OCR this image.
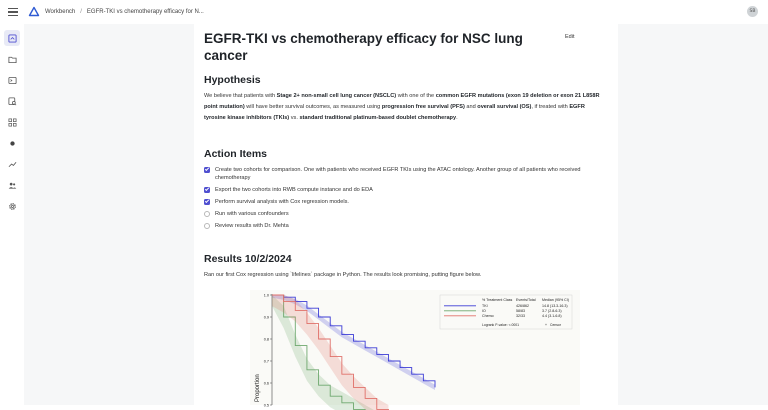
Workbench / EGFR-TKI vs chemotherapy efficacy for N...	SB
Edit
EGFR-TKI vs chemotherapy efficacy for NSC lung cancer
Hypothesis
We believe that patients with Stage 2+ non-small cell lung cancer (NSCLC) with one of the common EGFR mutations (exon 19 deletion or exon 21 L858R point mutation) will have better survival outcomes, as measured using progression free survival (PFS) and overall survival (OS), if treated with EGFR tyrosine kinase inhibitors (TKIs) vs. standard traditional platinum-based doublet chemotherapy.
Action Items
Create two cohorts for comparison. One with patients who received EGFR TKIs using the ATAC ontology. Another group of all patients who received chemotherapy
Export the two cohorts into RWB compute instance and do EDA
Perform survival analysis with Cox regression models.
Run with various confounders
Review results with Dr. Mehta
Results 10/2/2024
Ran our first Cox regression using `lifelines` package in Python. The results look promising, putting figure below.
1.0
0.9
0.8
0.7
0.6
0.5
Proportion
% Treatment Class Events/Total Median (95% CI)
TKI	426/862	14.8 (13.3-16.3)
IO	58/83	3.7 (2.8-6.3)
Chemo	32/33	4.4 (3.1-6.8)
Logrank P-value: <.0001	Censor
+
